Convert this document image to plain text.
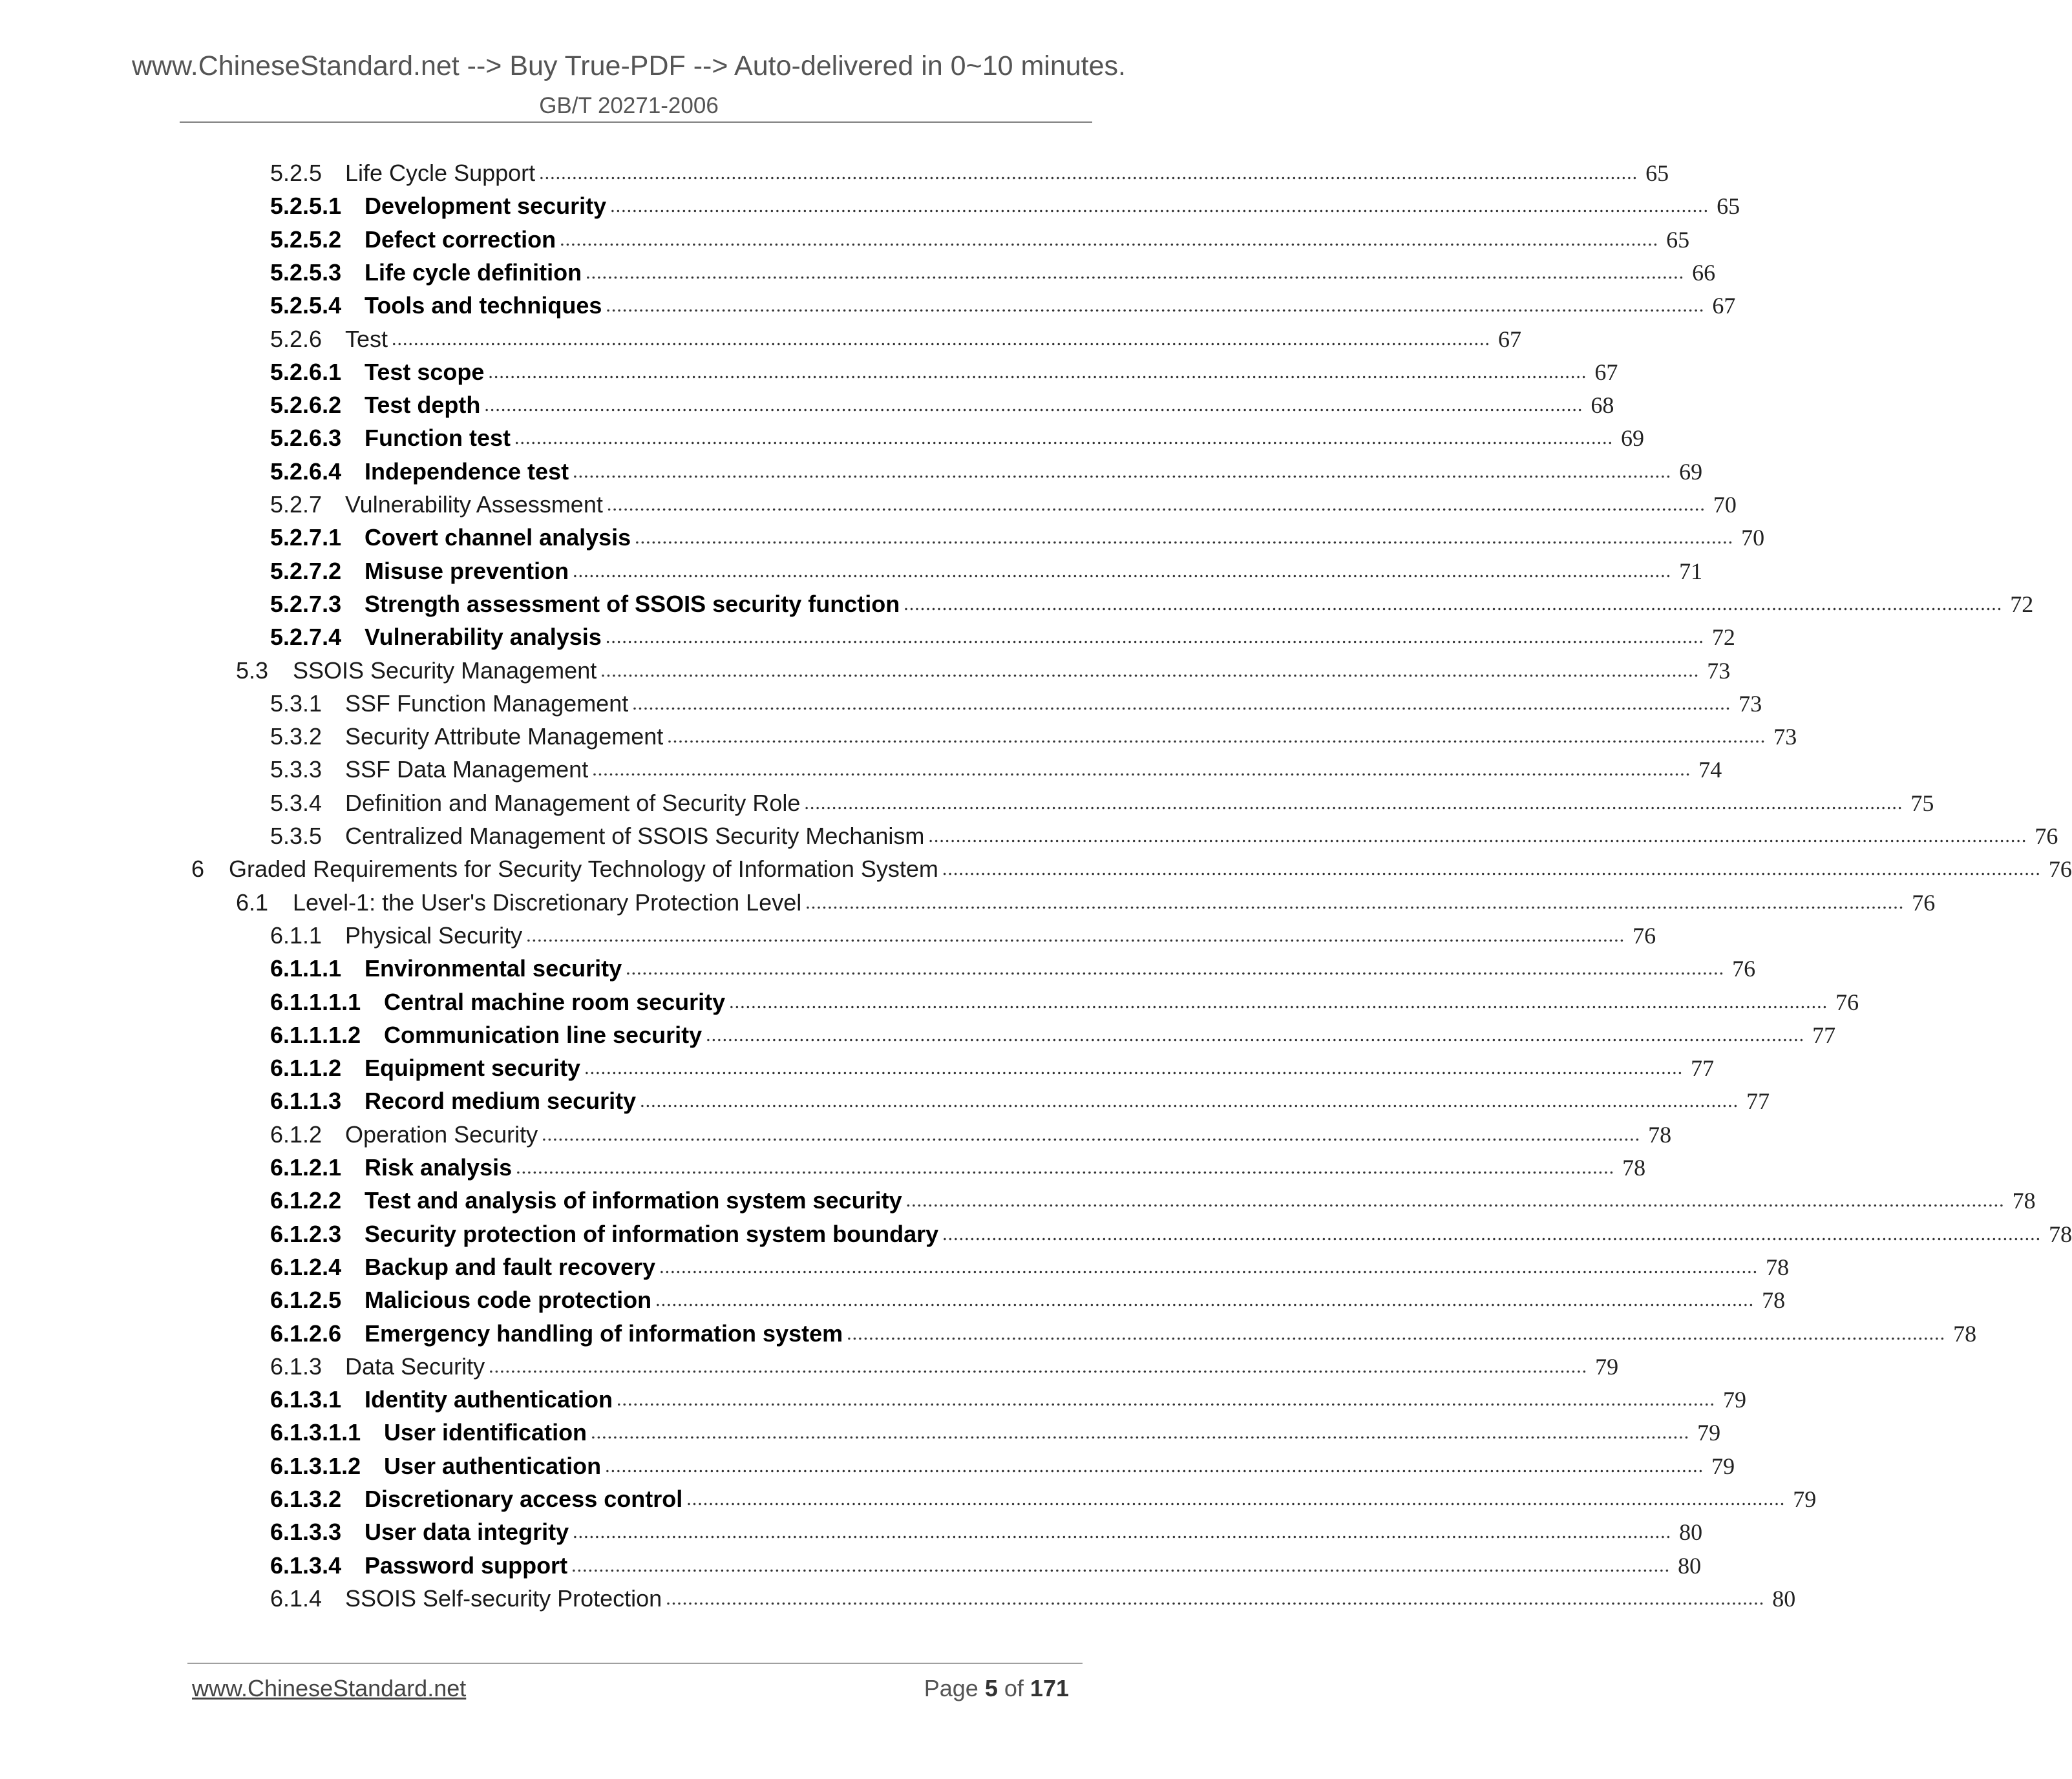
www.ChineseStandard.net --> Buy True-PDF --> Auto-delivered in 0~10 minutes.
GB/T 20271-2006
5.2.5 Life Cycle Support ........................................................................................................................................................................................................ 65
5.2.5.1 Development security ........................................................................................................................................................................................................ 65
5.2.5.2 Defect correction ........................................................................................................................................................................................................ 65
5.2.5.3 Life cycle definition ........................................................................................................................................................................................................ 66
5.2.5.4 Tools and techniques ........................................................................................................................................................................................................ 67
5.2.6 Test ........................................................................................................................................................................................................ 67
5.2.6.1 Test scope ........................................................................................................................................................................................................ 67
5.2.6.2 Test depth ........................................................................................................................................................................................................ 68
5.2.6.3 Function test ........................................................................................................................................................................................................ 69
5.2.6.4 Independence test ........................................................................................................................................................................................................ 69
5.2.7 Vulnerability Assessment ........................................................................................................................................................................................................ 70
5.2.7.1 Covert channel analysis ........................................................................................................................................................................................................ 70
5.2.7.2 Misuse prevention ........................................................................................................................................................................................................ 71
5.2.7.3 Strength assessment of SSOIS security function ........................................................................................................................................................................................................ 72
5.2.7.4 Vulnerability analysis ........................................................................................................................................................................................................ 72
5.3	SSOIS Security Management ........................................................................................................................................................................................................ 73
5.3.1 SSF Function Management ........................................................................................................................................................................................................ 73
5.3.2 Security Attribute Management ........................................................................................................................................................................................................ 73
5.3.3 SSF Data Management ........................................................................................................................................................................................................ 74
5.3.4 Definition and Management of Security Role ........................................................................................................................................................................................................ 75
5.3.5 Centralized Management of SSOIS Security Mechanism ........................................................................................................................................................................................................ 76
6	Graded Requirements for Security Technology of Information System ........................................................................................................................................................................................................ 76
6.1	Level-1: the User's Discretionary Protection Level ........................................................................................................................................................................................................ 76
6.1.1 Physical Security ........................................................................................................................................................................................................ 76
6.1.1.1 Environmental security ........................................................................................................................................................................................................ 76
6.1.1.1.1 Central machine room security ........................................................................................................................................................................................................ 76
6.1.1.1.2 Communication line security ........................................................................................................................................................................................................ 77
6.1.1.2 Equipment security ........................................................................................................................................................................................................ 77
6.1.1.3 Record medium security ........................................................................................................................................................................................................ 77
6.1.2 Operation Security ........................................................................................................................................................................................................ 78
6.1.2.1 Risk analysis ........................................................................................................................................................................................................ 78
6.1.2.2 Test and analysis of information system security ........................................................................................................................................................................................................ 78
6.1.2.3 Security protection of information system boundary ........................................................................................................................................................................................................ 78
6.1.2.4 Backup and fault recovery ........................................................................................................................................................................................................ 78
6.1.2.5 Malicious code protection ........................................................................................................................................................................................................ 78
6.1.2.6 Emergency handling of information system ........................................................................................................................................................................................................ 78
6.1.3 Data Security ........................................................................................................................................................................................................ 79
6.1.3.1 Identity authentication ........................................................................................................................................................................................................ 79
6.1.3.1.1 User identification ........................................................................................................................................................................................................ 79
6.1.3.1.2 User authentication ........................................................................................................................................................................................................ 79
6.1.3.2 Discretionary access control ........................................................................................................................................................................................................ 79
6.1.3.3 User data integrity ........................................................................................................................................................................................................ 80
6.1.3.4 Password support ........................................................................................................................................................................................................ 80
6.1.4 SSOIS Self-security Protection ........................................................................................................................................................................................................ 80
www.ChineseStandard.net	Page 5 of 171
